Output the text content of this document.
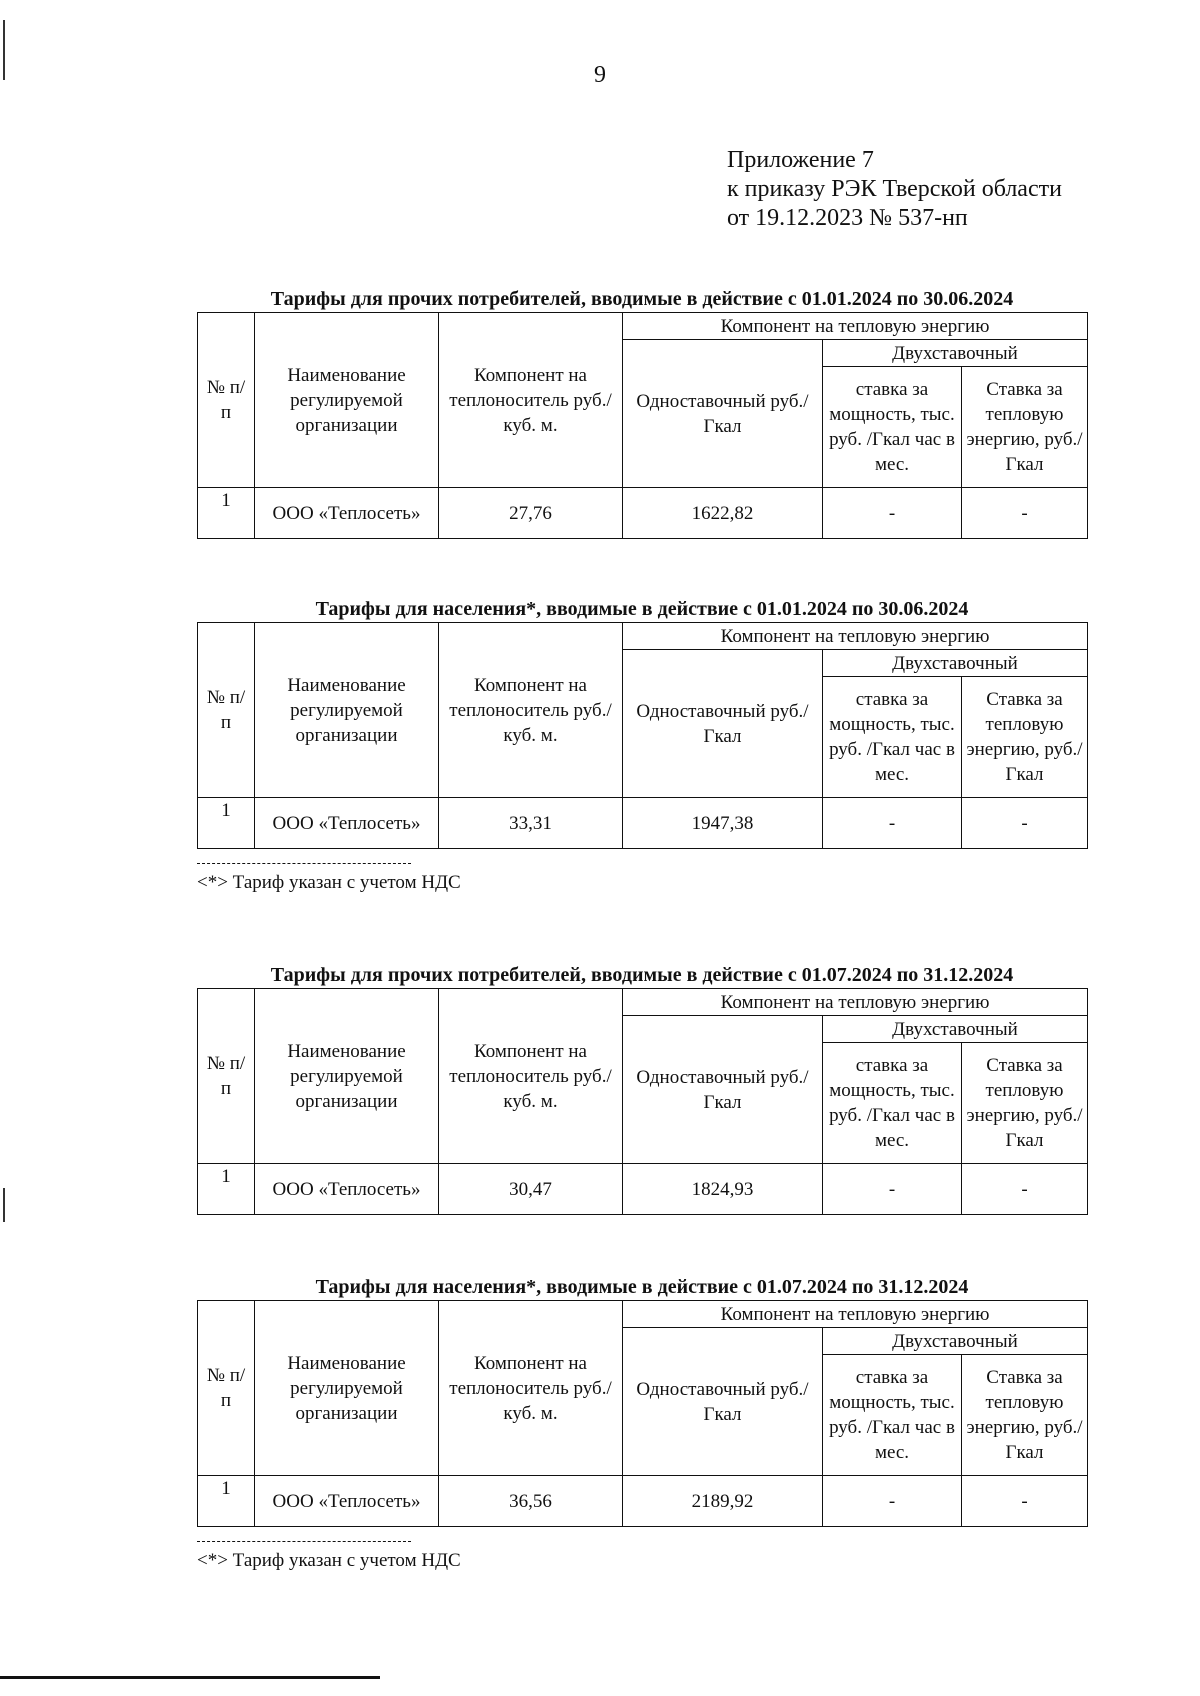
9
Приложение 7
к приказу РЭК Тверской области
от 19.12.2023 № 537-нп
Тарифы для прочих потребителей, вводимые в действие с 01.01.2024 по 30.06.2024
№ п/п	Наименование регулируемой организации	Компонент на теплоноситель руб./куб. м.	Компонент на тепловую энергию		
			Одноставочный руб./Гкал	Двухставочный	
				ставка за мощность, тыс. руб. /Гкал час в мес.	Ставка за тепловую энергию, руб./Гкал
1	ООО «Теплосеть»	27,76	1622,82	-	-
Тарифы для населения*, вводимые в действие с 01.01.2024 по 30.06.2024
№ п/п	Наименование регулируемой организации	Компонент на теплоноситель руб./куб. м.	Компонент на тепловую энергию		
			Одноставочный руб./Гкал	Двухставочный	
				ставка за мощность, тыс. руб. /Гкал час в мес.	Ставка за тепловую энергию, руб./Гкал
1	ООО «Теплосеть»	33,31	1947,38	-	-
<*> Тариф указан с учетом НДС
Тарифы для прочих потребителей, вводимые в действие с 01.07.2024 по 31.12.2024
№ п/п	Наименование регулируемой организации	Компонент на теплоноситель руб./куб. м.	Компонент на тепловую энергию		
			Одноставочный руб./Гкал	Двухставочный	
				ставка за мощность, тыс. руб. /Гкал час в мес.	Ставка за тепловую энергию, руб./Гкал
1	ООО «Теплосеть»	30,47	1824,93	-	-
Тарифы для населения*, вводимые в действие с 01.07.2024 по 31.12.2024
№ п/п	Наименование регулируемой организации	Компонент на теплоноситель руб./куб. м.	Компонент на тепловую энергию		
			Одноставочный руб./Гкал	Двухставочный	
				ставка за мощность, тыс. руб. /Гкал час в мес.	Ставка за тепловую энергию, руб./Гкал
1	ООО «Теплосеть»	36,56	2189,92	-	-
<*> Тариф указан с учетом НДС
